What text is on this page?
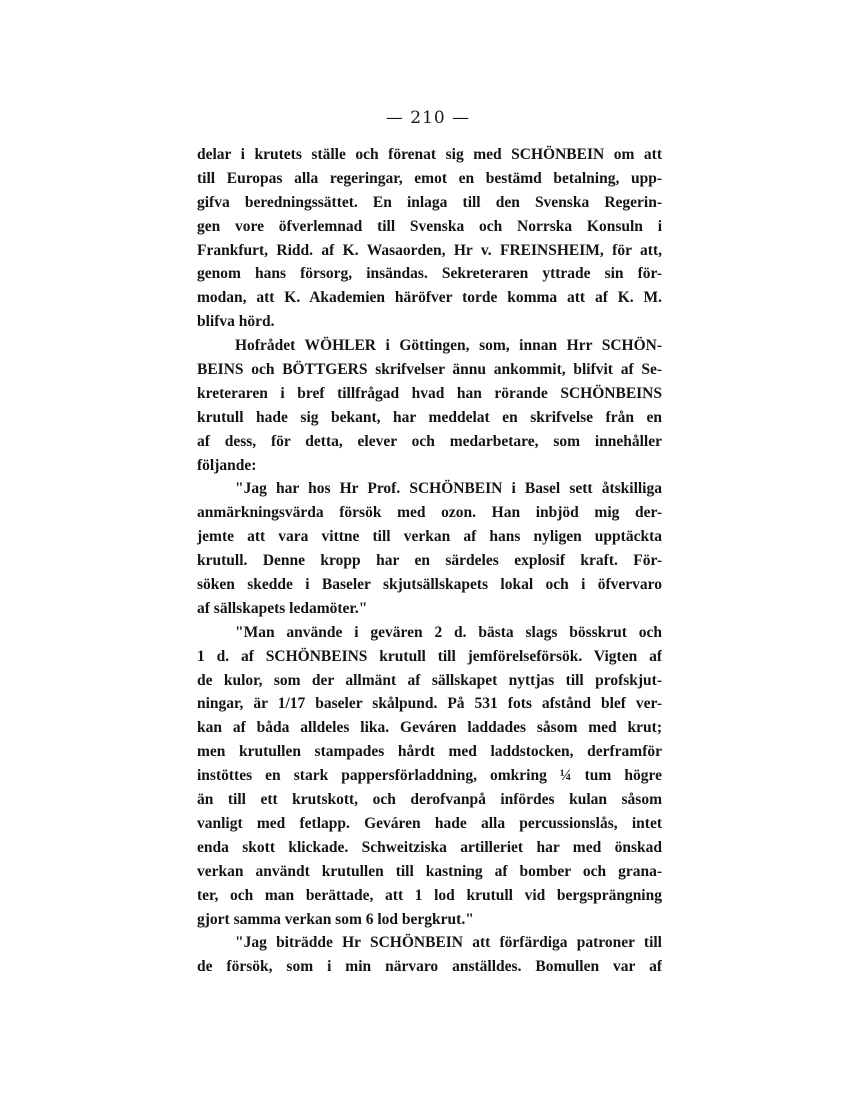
— 210 —
delar i krutets ställe och förenat sig med SCHÖNBEIN om att
till Europas alla regeringar, emot en bestämd betalning, upp-
gifva beredningssättet. En inlaga till den Svenska Regerin-
gen vore öfverlemnad till Svenska och Norrska Konsuln i
Frankfurt, Ridd. af K. Wasaorden, Hr v. FREINSHEIM, för att,
genom hans försorg, insändas. Sekreteraren yttrade sin för-
modan, att K. Akademien häröfver torde komma att af K. M.
blifva hörd.
Hofrådet WÖHLER i Göttingen, som, innan Hrr SCHÖN-
BEINS och BÖTTGERS skrifvelser ännu ankommit, blifvit af Se-
kreteraren i bref tillfrågad hvad han rörande SCHÖNBEINS
krutull hade sig bekant, har meddelat en skrifvelse från en
af dess, för detta, elever och medarbetare, som innehåller
följande:
"Jag har hos Hr Prof. SCHÖNBEIN i Basel sett åtskilliga
anmärkningsvärda försök med ozon. Han inbjöd mig der-
jemte att vara vittne till verkan af hans nyligen upptäckta
krutull. Denne kropp har en särdeles explosif kraft. För-
söken skedde i Baseler skjutsällskapets lokal och i öfvervaro
af sällskapets ledamöter."
"Man använde i gevären 2 d. bästa slags bösskrut och
1 d. af SCHÖNBEINS krutull till jemförelseförsök. Vigten af
de kulor, som der allmänt af sällskapet nyttjas till profskjut-
ningar, är 1/17 baseler skålpund. På 531 fots afstånd blef ver-
kan af båda alldeles lika. Geváren laddades såsom med krut;
men krutullen stampades hårdt med laddstocken, derframför
instöttes en stark pappersförladdning, omkring ¼ tum högre
än till ett krutskott, och derofvanpå infördes kulan såsom
vanligt med fetlapp. Geváren hade alla percussionslås, intet
enda skott klickade. Schweitziska artilleriet har med önskad
verkan användt krutullen till kastning af bomber och grana-
ter, och man berättade, att 1 lod krutull vid bergsprängning
gjort samma verkan som 6 lod bergkrut."
"Jag biträdde Hr SCHÖNBEIN att förfärdiga patroner till
de försök, som i min närvaro anställdes. Bomullen var af
